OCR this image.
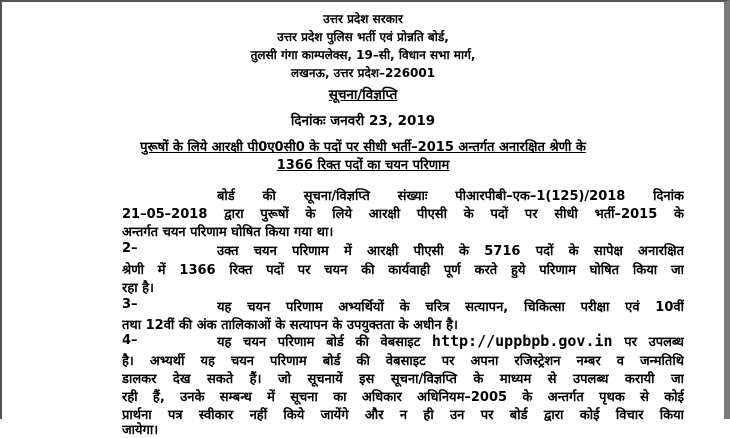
उत्तर प्रदेश सरकार
उत्तर प्रदेश पुलिस भर्ती एवं प्रोन्नति बोर्ड,
तुलसी गंगा काम्पलेक्स, 19–सी, विधान सभा मार्ग,
लखनऊ, उत्तर प्रदेश–226001
सूचना/विज्ञप्ति
दिनांकः जनवरी 23, 2019
पुरूषों के लिये आरक्षी पी0ए0सी0 के पदों पर सीधी भर्ती–2015 अन्तर्गत अनारक्षित श्रेणी के
1366 रिक्त पदों का चयन परिणाम
बोर्ड की सूचना/विज्ञप्ति संख्याः पीआरपीबी–एक–1(125)/2018 दिनांक
21–05–2018 द्वारा पुरूषों के लिये आरक्षी पीएसी के पदों पर सीधी भर्ती–2015 के
अन्तर्गत चयन परिणाम घोषित किया गया था।
2–	उक्त चयन परिणाम में आरक्षी पीएसी के 5716 पदों के सापेक्ष अनारक्षित
श्रेणी में 1366 रिक्त पदों पर चयन की कार्यवाही पूर्ण करते हुये परिणाम घोषित किया जा
रहा है।
3–	यह चयन परिणाम अभ्यर्थियों के चरित्र सत्यापन, चिकित्सा परीक्षा एवं 10वीं
तथा 12वीं की अंक तालिकाओं के सत्यापन के उपयुक्तता के अधीन है।
4–	यह चयन परिणाम बोर्ड की वेबसाइट http://uppbpb.gov.in पर उपलब्ध
है। अभ्यर्थी यह चयन परिणाम बोर्ड की वेबसाइट पर अपना रजिस्ट्रेशन नम्बर व जन्मतिथि
डालकर देख सकते हैं। जो सूचनायें इस सूचना/विज्ञप्ति के माध्यम से उपलब्ध करायी जा
रही हैं, उनके सम्बन्ध में सूचना का अधिकार अधिनियम–2005 के अन्तर्गत पृथक से कोई
प्रार्थना पत्र स्वीकार नहीं किये जायेंगे और न ही उन पर बोर्ड द्वारा कोई विचार किया
जायेगा।
